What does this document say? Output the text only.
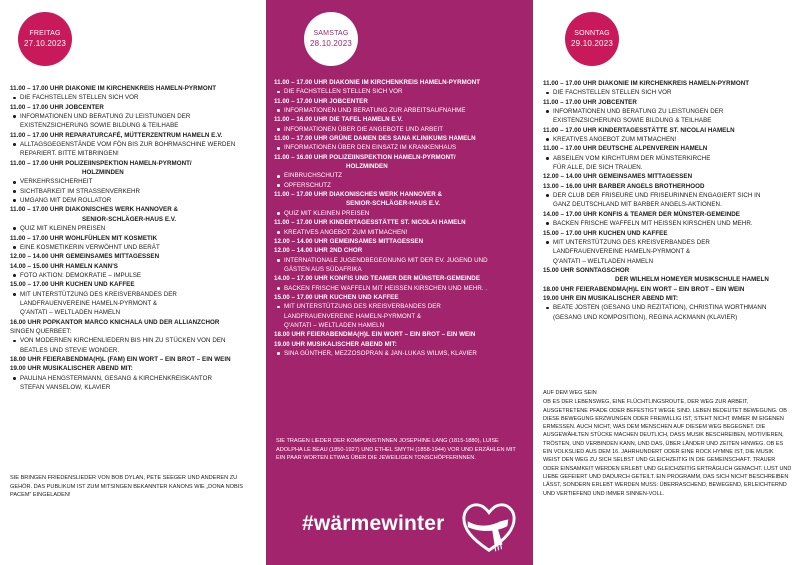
FREITAG
27.10.2023
11.00 – 17.00 UHR DIAKONIE IM KIRCHENKREIS HAMELN-PYRMONT
DIE FACHSTELLEN STELLEN SICH VOR
11.00 – 17.00 UHR JOBCENTER
INFORMATIONEN UND BERATUNG ZU LEISTUNGEN DER
EXISTENZSICHERUNG SOWIE BILDUNG & TEILHABE
11.00 – 17.00 UHR REPARATURCAFÉ, MÜTTERZENTRUM HAMELN E.V.
ALLTAGSGEGENSTÄNDE VOM FÖN BIS ZUR BOHRMASCHINE WERDEN
REPARIERT. BITTE MITBRINGEN!
11.00 – 17.00 UHR POLIZEIINSPEKTION HAMELN-PYRMONT/
HOLZMINDEN
VERKEHRSSICHERHEIT
SICHTBARKEIT IM STRASSENVERKEHR
UMGANG MIT DEM ROLLATOR
11.00 – 17.00 UHR DIAKONISCHES WERK HANNOVER &
SENIOR-SCHLÄGER-HAUS E.V.
QUIZ MIT KLEINEN PREISEN
11.00 – 17.00 UHR WOHLFÜHLEN MIT KOSMETIK
EINE KOSMETIKERIN VERWÖHNT UND BERÄT
12.00 – 14.00 UHR GEMEINSAMES MITTAGESSEN
14.00 – 15.00 UHR HAMELN KANN'S
FOTO AKTION: DEMOKRATIE – IMPULSE
15.00 – 17.00 UHR KUCHEN UND KAFFEE
MIT UNTERSTÜTZUNG DES KREISVERBANDES DER
LANDFRAUENVEREINE HAMELN-PYRMONT &
Q'ANTATI – WELTLADEN HAMELN
16.00 UHR POPKANTOR MARCO KNICHALA UND DER ALLIANZCHOR
SINGEN QUERBEET:
VON MODERNEN KIRCHENLIEDERN BIS HIN ZU STÜCKEN VON DEN
BEATLES UND STEVIE WONDER.
18.00 UHR FEIERABENDMA(H)L (FAM) EIN WORT – EIN BROT – EIN WEIN
19.00 UHR MUSIKALISCHER ABEND MIT:
PAULINA HENGSTERMANN, GESANG & KIRCHENKREISKANTOR
STEFAN VANSELOW, KLAVIER

SIE BRINGEN FRIEDENSLIEDER VON BOB DYLAN, PETE SEEGER UND ANDEREN ZU GEHÖR. DAS PUBLIKUM IST ZUM MITSINGEN BEKANNTER KANONS WIE „DONA NOBIS PACEM“ EINGELADEN!

SAMSTAG
28.10.2023
11.00 – 17.00 UHR DIAKONIE IM KIRCHENKREIS HAMELN-PYRMONT
DIE FACHSTELLEN STELLEN SICH VOR
11.00 – 17.00 UHR JOBCENTER
INFORMATIONEN UND BERATUNG ZUR ARBEITSAUFNAHME
11.00 – 16.00 UHR DIE TAFEL HAMELN E.V.
INFORMATIONEN ÜBER DIE ANGEBOTE UND ARBEIT
11.00 – 17.00 UHR GRÜNE DAMEN DES SANA KLINIKUMS HAMELN
INFORMATIONEN ÜBER DEN EINSATZ IM KRANKENHAUS
11.00 – 16.00 UHR POLIZEIINSPEKTION HAMELN-PYRMONT/
HOLZMINDEN
EINBRUCHSCHUTZ
OPFERSCHUTZ
11.00 – 17.00 UHR DIAKONISCHES WERK HANNOVER &
SENIOR-SCHLÄGER-HAUS E.V.
QUIZ MIT KLEINEN PREISEN
11.00 – 17.00 UHR KINDERTAGESSTÄTTE ST. NICOLAI HAMELN
KREATIVES ANGEBOT ZUM MITMACHEN!
12.00 – 14.00 UHR GEMEINSAMES MITTAGESSEN
12.00 – 14.00 UHR 2ND CHOR
INTERNATIONALE JUGENDBEGEGNUNG MIT DER EV. JUGEND UND
GÄSTEN AUS SÜDAFRIKA
14.00 – 17.00 UHR KONFIS UND TEAMER DER MÜNSTER-GEMEINDE
BACKEN FRISCHE WAFFELN MIT HEISSEN KIRSCHEN UND MEHR. .
15.00 – 17.00 UHR KUCHEN UND KAFFEE
MIT UNTERSTÜTZUNG DES KREISVERBANDES DER
LANDFRAUENVEREINE HAMELN-PYRMONT &
Q'ANTATI – WELTLADEN HAMELN
18.00 UHR FEIERABENDMA(H)L EIN WORT – EIN BROT – EIN WEIN
19.00 UHR MUSIKALISCHER ABEND MIT:
SINA GÜNTHER, MEZZOSOPRAN & JAN-LUKAS WILMS, KLAVIER

SIE TRAGEN LIEDER DER KOMPONISTINNEN JOSEPHINE LANG (1815-1880), LUISE ADOLPHA LE BEAU (1850-1927) UND ETHEL SMYTH (1858-1944) VOR UND ERZÄHLEN MIT EIN PAAR WORTEN ETWAS ÜBER DIE JEWEILIGEN TONSCHÖPFERINNEN.

#wärmewinter
SONNTAG
29.10.2023
11.00 – 17.00 UHR DIAKONIE IM KIRCHENKREIS HAMELN-PYRMONT
DIE FACHSTELLEN STELLEN SICH VOR
11.00 – 17.00 UHR JOBCENTER
INFORMATIONEN UND BERATUNG ZU LEISTUNGEN DER
EXISTENZSICHERUNG SOWIE BILDUNG & TEILHABE
11.00 – 17.00 UHR KINDERTAGESSTÄTTE ST. NICOLAI HAMELN
KREATIVES ANGEBOT ZUM MITMACHEN!
11.00 – 17.00 UHR DEUTSCHE ALPENVEREIN HAMELN
ABSEILEN VOM KIRCHTURM DER MÜNSTERKIRCHE
FÜR ALLE, DIE SICH TRAUEN.
12.00 – 14.00 UHR GEMEINSAMES MITTAGESSEN
13.00 – 16.00 UHR BARBER ANGELS BROTHERHOOD
DER CLUB DER FRISEURE UND FRISEURINNEN ENGAGIERT SICH IN
GANZ DEUTSCHLAND MIT BARBER ANGELS-AKTIONEN.
14.00 – 17.00 UHR KONFIS & TEAMER DER MÜNSTER-GEMEINDE
BACKEN FRISCHE WAFFELN MIT HEISSEN KIRSCHEN UND MEHR.
15.00 – 17.00 UHR KUCHEN UND KAFFEE
MIT UNTERSTÜTZUNG DES KREISVERBANDES DER
LANDFRAUENVEREINE HAMELN-PYRMONT &
Q'ANTATI – WELTLADEN HAMELN
15.00 UHR SONNTAGSCHOR
DER WILHELM HOMEYER MUSIKSCHULE HAMELN
18.00 UHR FEIERABENDMA(H)L EIN WORT – EIN BROT – EIN WEIN
19.00 UHR EIN MUSIKALISCHER ABEND MIT:
BEATE JOSTEN (GESANG UND REZITATION), CHRISTINA WORTHMANN
(GESANG UND KOMPOSITION), REGINA ACKMANN (KLAVIER)
AUF DEM WEG SEIN
OB ES DER LEBENSWEG, EINE FLÜCHTLINGSROUTE, DER WEG ZUR ARBEIT, AUSGETRETENE PFADE ODER BEFESTIGT WEGE SIND. LEBEN BEDEUTET BEWEGUNG. OB DIESE BEWEGUNG ERZWUNGEN ODER FREIWILLIG IST, STEHT NICHT IMMER IM EIGENEN ERMESSEN. AUCH NICHT, WAS DEM MENSCHEN AUF DIESEM WEG BEGEGNET. DIE AUSGEWÄHLTEN STÜCKE MACHEN DEUTLICH, DASS MUSIK BESCHREIBEN, MOTIVIEREN, TRÖSTEN, UND VERBINDEN KANN, UND DAS, ÜBER LÄNDER UND ZEITEN HINWEG. OB ES EIN VOLKSLIED AUS DEM 16. JAHRHUNDERT ODER EINE ROCK HYMNE IST, DIE MUSIK WEIST DEN WEG ZU SICH SELBST UND GLEICHZEITIG IN DIE GEMEINSCHAFT. TRAUER ODER EINSAMKEIT WERDEN ERLEBT UND GLEICHZEITIG ERTRÄGLICH GEMACHT. LUST UND LIEBE GEFEIERT UND DADURCH GETEILT. EIN PROGRAMM, DAS SICH NICHT BESCHREIBEN LÄSST, SONDERN ERLEBT WERDEN MUSS: ÜBERRASCHEND, BEWEGEND, ERLEICHTERND UND VERTIEFEND UND IMMER SINNEN-VOLL.
